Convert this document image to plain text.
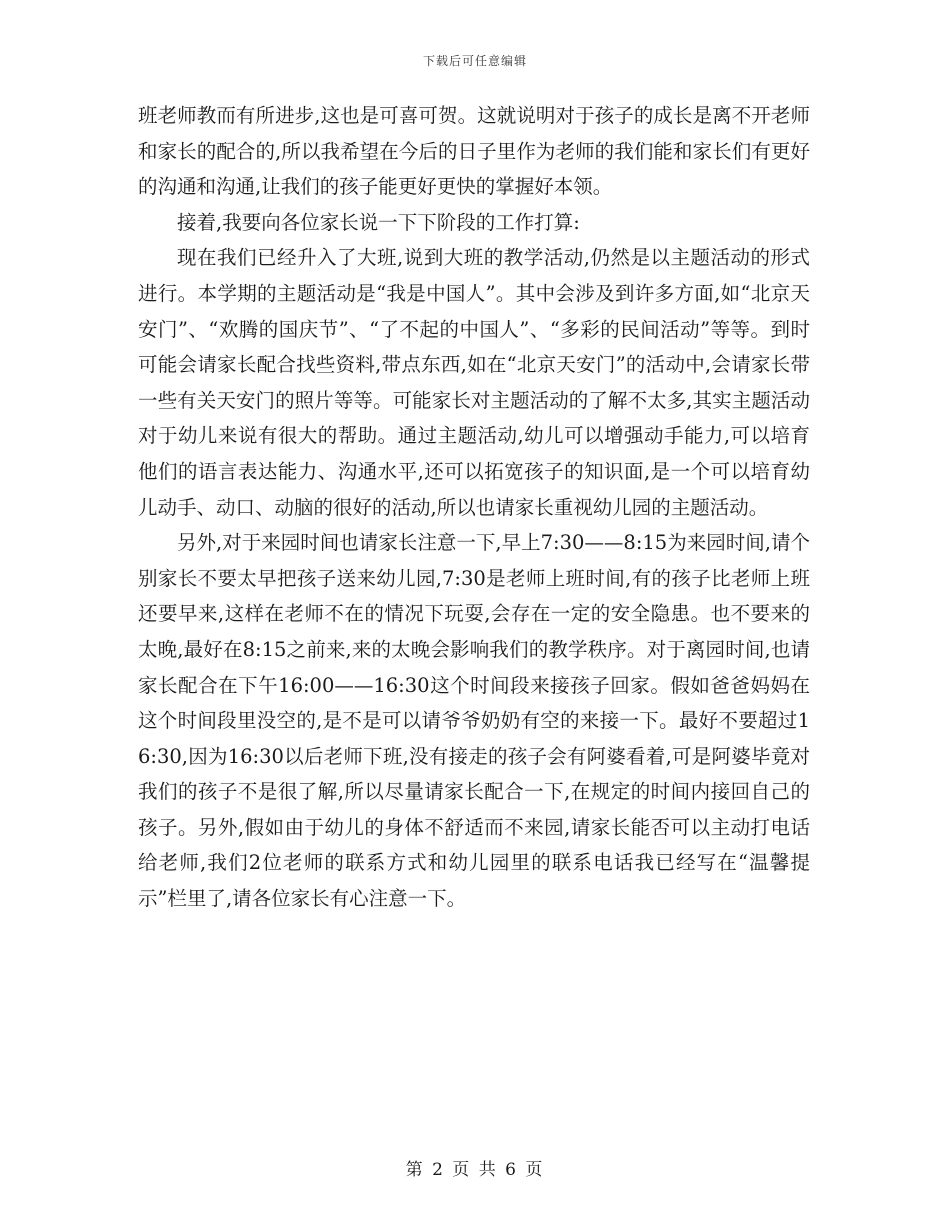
下载后可任意编辑

班老师教而有所进步,这也是可喜可贺。这就说明对于孩子的成长是离不开老师和家长的配合的,所以我希望在今后的日子里作为老师的我们能和家长们有更好的沟通和沟通,让我们的孩子能更好更快的掌握好本领。

接着,我要向各位家长说一下下阶段的工作打算:

现在我们已经升入了大班,说到大班的教学活动,仍然是以主题活动的形式进行。本学期的主题活动是“我是中国人”。其中会涉及到许多方面,如“北京天安门”、“欢腾的国庆节”、“了不起的中国人”、“多彩的民间活动”等等。到时可能会请家长配合找些资料,带点东西,如在“北京天安门”的活动中,会请家长带一些有关天安门的照片等等。可能家长对主题活动的了解不太多,其实主题活动对于幼儿来说有很大的帮助。通过主题活动,幼儿可以增强动手能力,可以培育他们的语言表达能力、沟通水平,还可以拓宽孩子的知识面,是一个可以培育幼儿动手、动口、动脑的很好的活动,所以也请家长重视幼儿园的主题活动。

另外,对于来园时间也请家长注意一下,早上7:30——8:15为来园时间,请个别家长不要太早把孩子送来幼儿园,7:30是老师上班时间,有的孩子比老师上班还要早来,这样在老师不在的情况下玩耍,会存在一定的安全隐患。也不要来的太晚,最好在8:15之前来,来的太晚会影响我们的教学秩序。对于离园时间,也请家长配合在下午16:00——16:30这个时间段来接孩子回家。假如爸爸妈妈在这个时间段里没空的,是不是可以请爷爷奶奶有空的来接一下。最好不要超过16:30,因为16:30以后老师下班,没有接走的孩子会有阿婆看着,可是阿婆毕竟对我们的孩子不是很了解,所以尽量请家长配合一下,在规定的时间内接回自己的孩子。另外,假如由于幼儿的身体不舒适而不来园,请家长能否可以主动打电话给老师,我们2位老师的联系方式和幼儿园里的联系电话我已经写在“温馨提示”栏里了,请各位家长有心注意一下。

第 2 页 共 6 页
